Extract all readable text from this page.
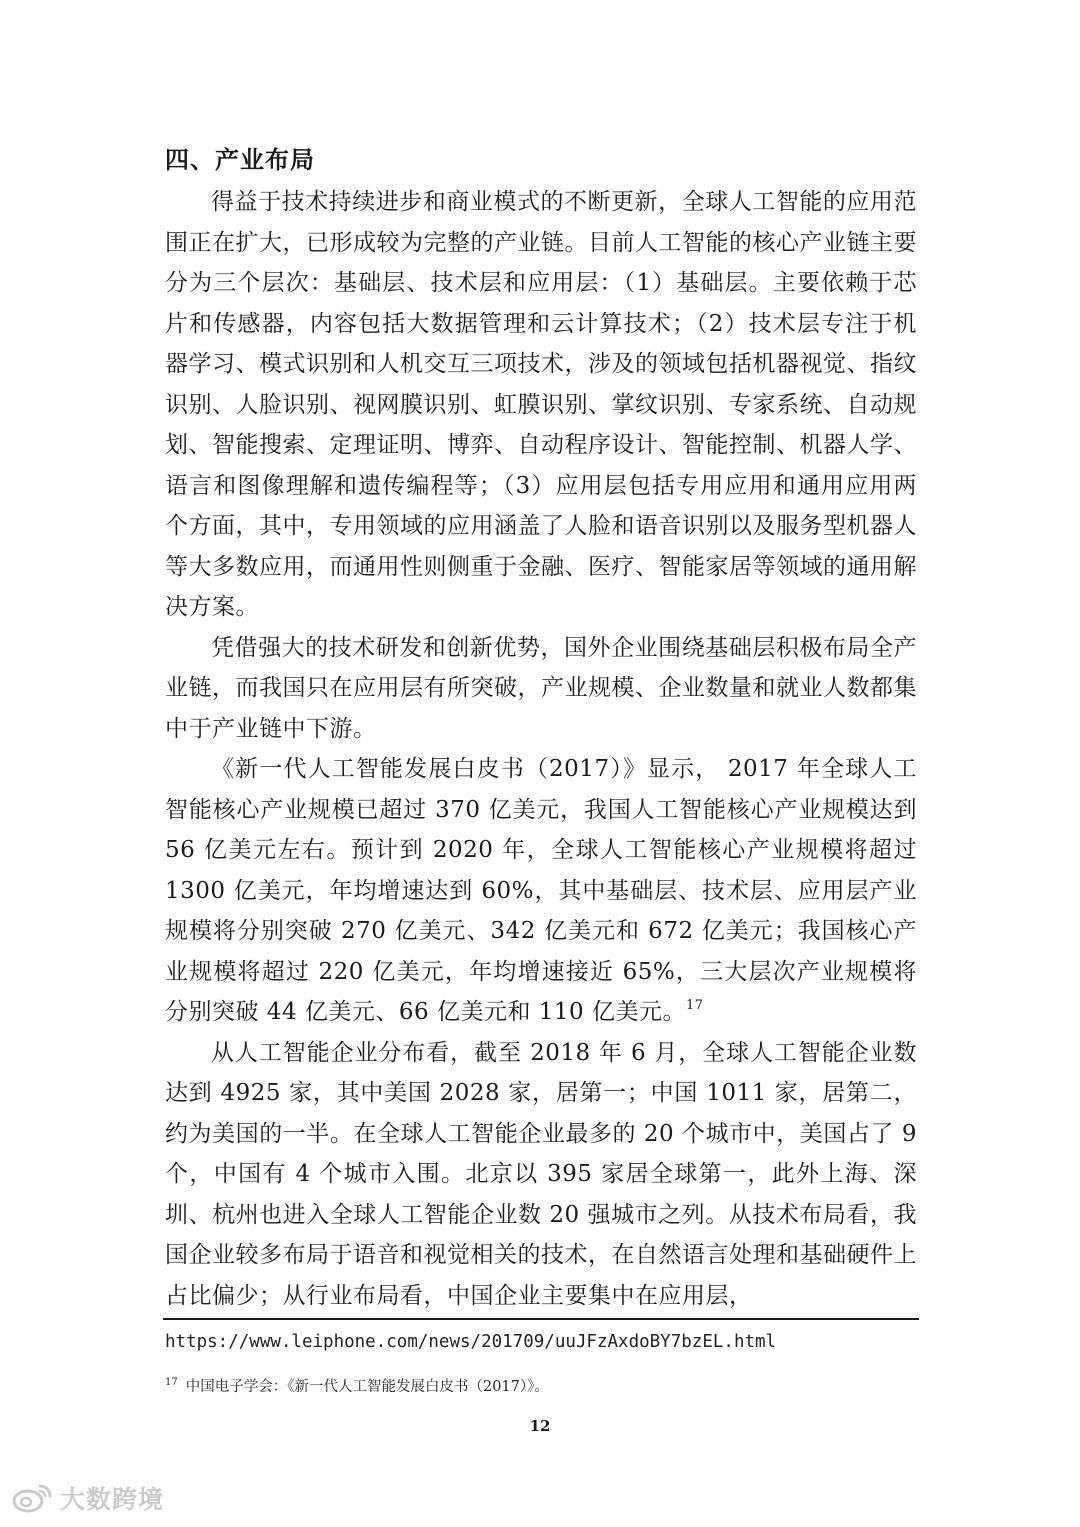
四、产业布局

得益于技术持续进步和商业模式的不断更新，全球人工智能的应用范围正在扩大，已形成较为完整的产业链。目前人工智能的核心产业链主要分为三个层次：基础层、技术层和应用层：（1）基础层。主要依赖于芯片和传感器，内容包括大数据管理和云计算技术；（2）技术层专注于机器学习、模式识别和人机交互三项技术，涉及的领域包括机器视觉、指纹识别、人脸识别、视网膜识别、虹膜识别、掌纹识别、专家系统、自动规划、智能搜索、定理证明、博弈、自动程序设计、智能控制、机器人学、语言和图像理解和遗传编程等；（3）应用层包括专用应用和通用应用两个方面，其中，专用领域的应用涵盖了人脸和语音识别以及服务型机器人等大多数应用，而通用性则侧重于金融、医疗、智能家居等领域的通用解决方案。

凭借强大的技术研发和创新优势，国外企业围绕基础层积极布局全产业链，而我国只在应用层有所突破，产业规模、企业数量和就业人数都集中于产业链中下游。

《新一代人工智能发展白皮书（2017）》显示， 2017 年全球人工智能核心产业规模已超过 370 亿美元，我国人工智能核心产业规模达到 56 亿美元左右。预计到 2020 年，全球人工智能核心产业规模将超过 1300 亿美元，年均增速达到 60%，其中基础层、技术层、应用层产业规模将分别突破 270 亿美元、342 亿美元和 672 亿美元；我国核心产业规模将超过 220 亿美元，年均增速接近 65%，三大层次产业规模将分别突破 44 亿美元、66 亿美元和 110 亿美元。$^{17}$

从人工智能企业分布看，截至 2018 年 6 月，全球人工智能企业数达到 4925 家，其中美国 2028 家，居第一；中国 1011 家，居第二，约为美国的一半。在全球人工智能企业最多的 20 个城市中，美国占了 9 个，中国有 4 个城市入围。北京以 395 家居全球第一，此外上海、深圳、杭州也进入全球人工智能企业数 20 强城市之列。从技术布局看，我国企业较多布局于语音和视觉相关的技术，在自然语言处理和基础硬件上占比偏少；从行业布局看，中国企业主要集中在应用层，

https://www.leiphone.com/news/201709/uuJFzAxdoBY7bzEL.html
$^{17}$ 中国电子学会：《新一代人工智能发展白皮书（2017）》。
12
大数跨境
